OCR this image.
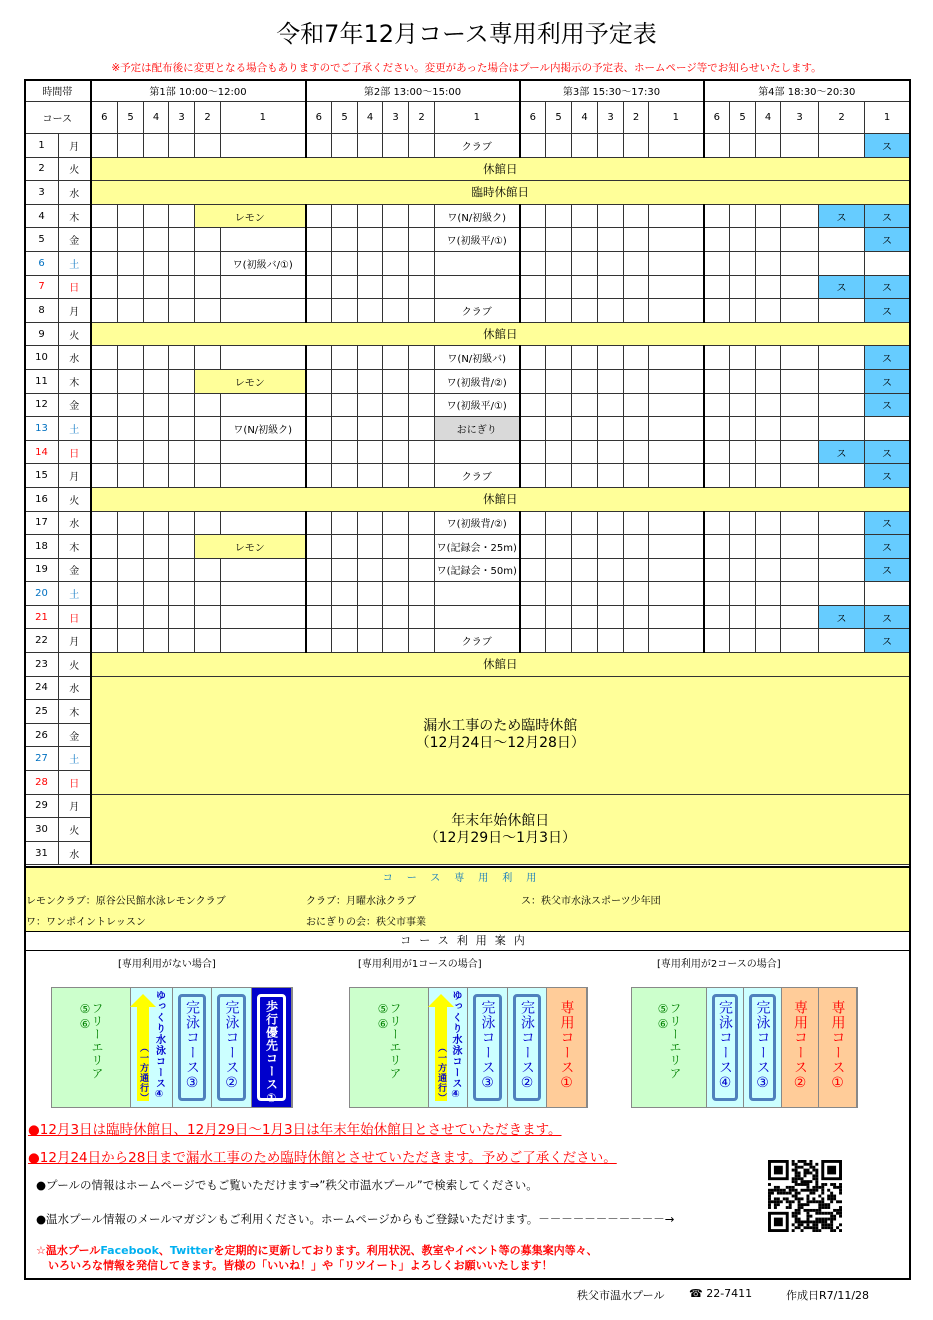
令和7年12月コース専用利用予定表
※予定は配布後に変更となる場合もありますのでご了承ください。変更があった場合はプール内掲示の予定表、ホームページ等でお知らせいたします。
時間帯		第1部 10:00～12:00						第2部 13:00～15:00						第3部 15:30～17:30						第4部 18:30～20:30					
コース		6	5	4	3	2	1	6	5	4	3	2	1	6	5	4	3	2	1	6	5	4	3	2	1
1	月												クラブ												ス
2	火	休館日																							
3	水	臨時休館日																							
4	木					レモン							ワ(N/初級ク)											ス	ス
5	金												ワ(初級平/①)												ス
6	土						ワ(初級バ/①)																		
7	日																							ス	ス
8	月												クラブ												ス
9	火	休館日																							
10	水												ワ(N/初級バ)												ス
11	木					レモン							ワ(初級背/②)												ス
12	金												ワ(初級平/①)												ス
13	土						ワ(N/初級ク)						おにぎり												
14	日																							ス	ス
15	月												クラブ												ス
16	火	休館日																							
17	水												ワ(初級背/②)												ス
18	木					レモン							ワ(記録会・25m)												ス
19	金												ワ(記録会・50m)												ス
20	土																								
21	日																							ス	ス
22	月												クラブ												ス
23	火	休館日																							
24	水	漏水工事のため臨時休館
（12月24日～12月28日）																							

25	木																								
26	金																								
27	土																								
28	日																								
29	月	年末年始休館日
（12月29日～1月3日）																							

30	火																								
31	水																								
コース専用利用
レモンクラブ：原谷公民館水泳レモンクラブ	クラブ：月曜水泳クラブ	ス：秩父市水泳スポーツ少年団
ワ：ワンポイントレッスン	おにぎりの会：秩父市事業
コース利用案内
[専用利用がない場合]	[専用利用が1コースの場合]	[専用利用が2コースの場合]
フリーエリア⑤⑥
（一方通行） ゆっくり水泳コース④ 完泳コース③ 完泳コース② 歩行優先コース①	フリーエリア⑤⑥
（一方通行） ゆっくり水泳コース④ 完泳コース③ 完泳コース② 専用コース①	フリーエリア⑤⑥	完泳コース④ 完泳コース③ 専用コース② 専用コース①
●12月3日は臨時休館日、12月29日～1月3日は年末年始休館日とさせていただきます。
●12月24日から28日まで漏水工事のため臨時休館とさせていただきます。予めご了承ください。
●プールの情報はホームページでもご覧いただけます⇒”秩父市温水プール”で検索してください。
●温水プール情報のメールマガジンもご利用ください。ホームページからもご登録いただけます。－－－－－－－－－－－→
☆温水プールFacebook、Twitterを定期的に更新しております。利用状況、教室やイベント等の募集案内等々、
いろいろな情報を発信してきます。皆様の「いいね！」や「リツイート」よろしくお願いいたします！
秩父市温水プール ☎ 22-7411	作成日R7/11/28
